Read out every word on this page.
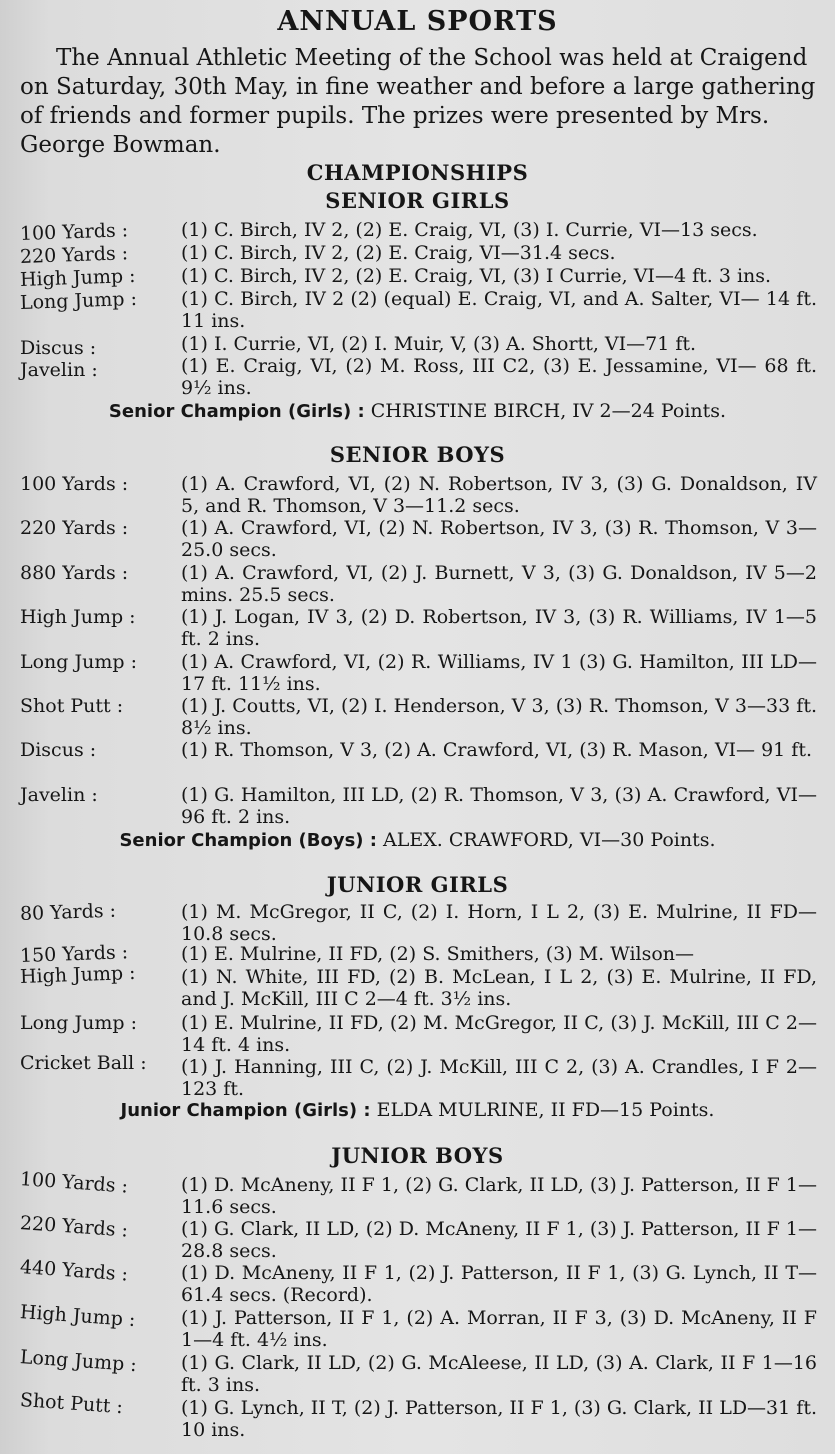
ANNUAL SPORTS
The Annual Athletic Meeting of the School was held at Craigend on Saturday, 30th May, in fine weather and before a large gathering of friends and former pupils. The prizes were presented by Mrs. George Bowman.
CHAMPIONSHIPS
SENIOR GIRLS
100 Yards :	(1) C. Birch, IV 2, (2) E. Craig, VI, (3) I. Currie, VI—13 secs.
220 Yards :	(1) C. Birch, IV 2, (2) E. Craig, VI—31.4 secs.
High Jump :	(1) C. Birch, IV 2, (2) E. Craig, VI, (3) I Currie, VI—4 ft. 3 ins.
Long Jump :	(1) C. Birch, IV 2 (2) (equal) E. Craig, VI, and A. Salter, VI— 14 ft. 11 ins.
Discus :	(1) I. Currie, VI, (2) I. Muir, V, (3) A. Shortt, VI—71 ft.
Javelin :	(1) E. Craig, VI, (2) M. Ross, III C2, (3) E. Jessamine, VI— 68 ft. 9½ ins.
Senior Champion (Girls) : CHRISTINE BIRCH, IV 2—24 Points.
SENIOR BOYS
100 Yards :	(1) A. Crawford, VI, (2) N. Robertson, IV 3, (3) G. Donaldson, IV 5, and R. Thomson, V 3—11.2 secs.
220 Yards :	(1) A. Crawford, VI, (2) N. Robertson, IV 3, (3) R. Thomson, V 3—25.0 secs.
880 Yards :	(1) A. Crawford, VI, (2) J. Burnett, V 3, (3) G. Donaldson, IV 5—2 mins. 25.5 secs.
High Jump :	(1) J. Logan, IV 3, (2) D. Robertson, IV 3, (3) R. Williams, IV 1—5 ft. 2 ins.
Long Jump :	(1) A. Crawford, VI, (2) R. Williams, IV 1 (3) G. Hamilton, III LD—17 ft. 11½ ins.
Shot Putt :	(1) J. Coutts, VI, (2) I. Henderson, V 3, (3) R. Thomson, V 3—33 ft. 8½ ins.
Discus :	(1) R. Thomson, V 3, (2) A. Crawford, VI, (3) R. Mason, VI— 91 ft.
Javelin :	(1) G. Hamilton, III LD, (2) R. Thomson, V 3, (3) A. Crawford, VI—96 ft. 2 ins.
Senior Champion (Boys) : ALEX. CRAWFORD, VI—30 Points.
JUNIOR GIRLS
80 Yards :	(1) M. McGregor, II C, (2) I. Horn, I L 2, (3) E. Mulrine, II FD—10.8 secs.
150 Yards :	(1) E. Mulrine, II FD, (2) S. Smithers, (3) M. Wilson—
High Jump :	(1) N. White, III FD, (2) B. McLean, I L 2, (3) E. Mulrine, II FD, and J. McKill, III C 2—4 ft. 3½ ins.
Long Jump :	(1) E. Mulrine, II FD, (2) M. McGregor, II C, (3) J. McKill, III C 2—14 ft. 4 ins.
Cricket Ball :	(1) J. Hanning, III C, (2) J. McKill, III C 2, (3) A. Crandles, I F 2—123 ft.
Junior Champion (Girls) : ELDA MULRINE, II FD—15 Points.
JUNIOR BOYS
100 Yards :	(1) D. McAneny, II F 1, (2) G. Clark, II LD, (3) J. Patterson, II F 1—11.6 secs.
220 Yards :	(1) G. Clark, II LD, (2) D. McAneny, II F 1, (3) J. Patterson, II F 1—28.8 secs.
440 Yards :	(1) D. McAneny, II F 1, (2) J. Patterson, II F 1, (3) G. Lynch, II T—61.4 secs. (Record).
High Jump :	(1) J. Patterson, II F 1, (2) A. Morran, II F 3, (3) D. McAneny, II F 1—4 ft. 4½ ins.
Long Jump :	(1) G. Clark, II LD, (2) G. McAleese, II LD, (3) A. Clark, II F 1—16 ft. 3 ins.
Shot Putt :	(1) G. Lynch, II T, (2) J. Patterson, II F 1, (3) G. Clark, II LD—31 ft. 10 ins.
